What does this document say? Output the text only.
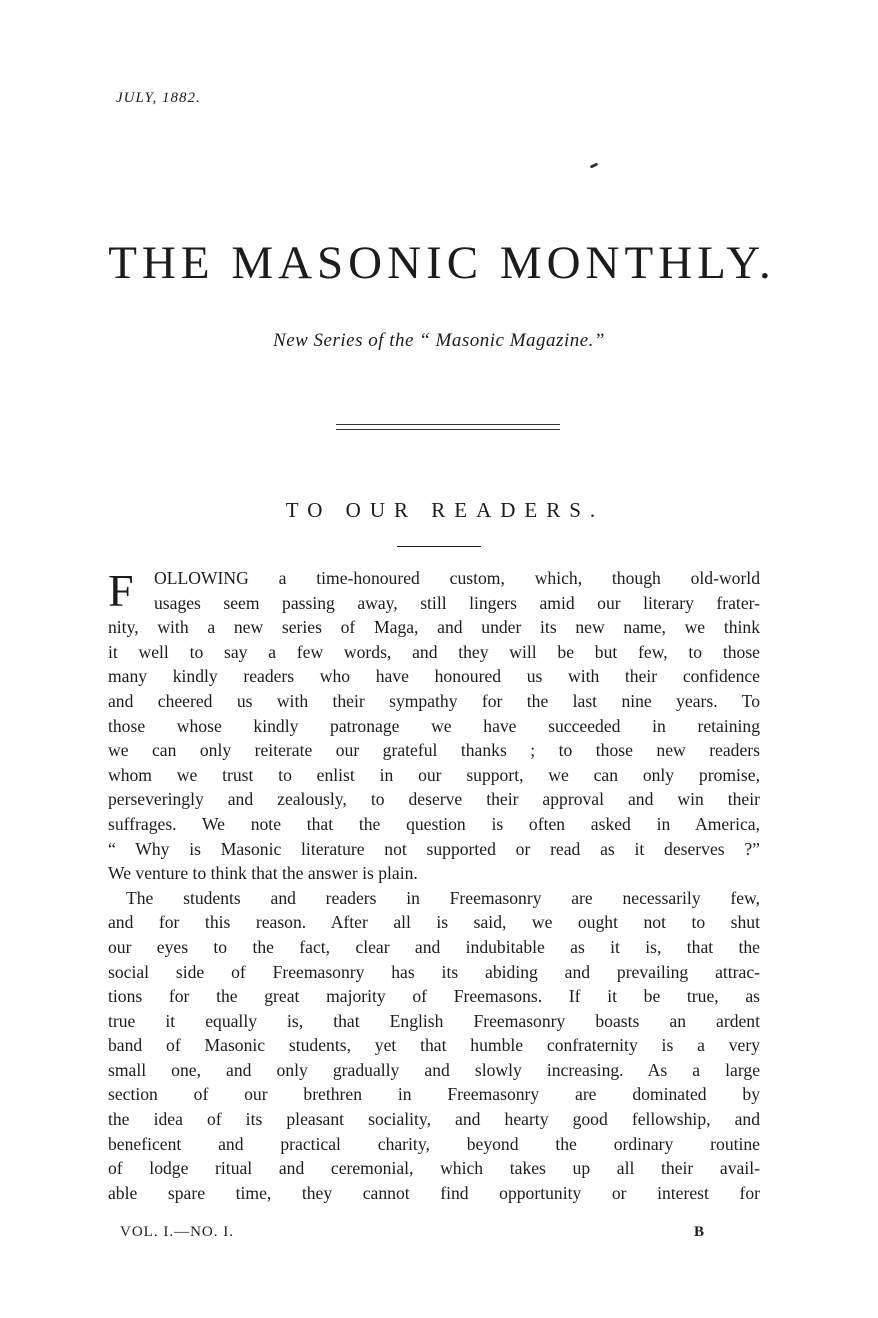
JULY, 1882.
THE MASONIC MONTHLY.
New Series of the “ Masonic Magazine.”
TO OUR READERS.
F	OLLOWING a time-honoured custom, which, though old-world
usages seem passing away, still lingers amid our literary frater-
nity, with a new series of Maga, and under its new name, we think
it well to say a few words, and they will be but few, to those
many kindly readers who have honoured us with their confidence
and cheered us with their sympathy for the last nine years. To
those whose kindly patronage we have succeeded in retaining
we can only reiterate our grateful thanks ; to those new readers
whom we trust to enlist in our support, we can only promise,
perseveringly and zealously, to deserve their approval and win their
suffrages. We note that the question is often asked in America,
“ Why is Masonic literature not supported or read as it deserves ?”
We venture to think that the answer is plain.
The students and readers in Freemasonry are necessarily few,
and for this reason. After all is said, we ought not to shut
our eyes to the fact, clear and indubitable as it is, that the
social side of Freemasonry has its abiding and prevailing attrac-
tions for the great majority of Freemasons. If it be true, as
true it equally is, that English Freemasonry boasts an ardent
band of Masonic students, yet that humble confraternity is a very
small one, and only gradually and slowly increasing. As a large
section of our brethren in Freemasonry are dominated by
the idea of its pleasant sociality, and hearty good fellowship, and
beneficent and practical charity, beyond the ordinary routine
of lodge ritual and ceremonial, which takes up all their avail-
able spare time, they cannot find opportunity or interest for
VOL. I.—NO. I.	B
